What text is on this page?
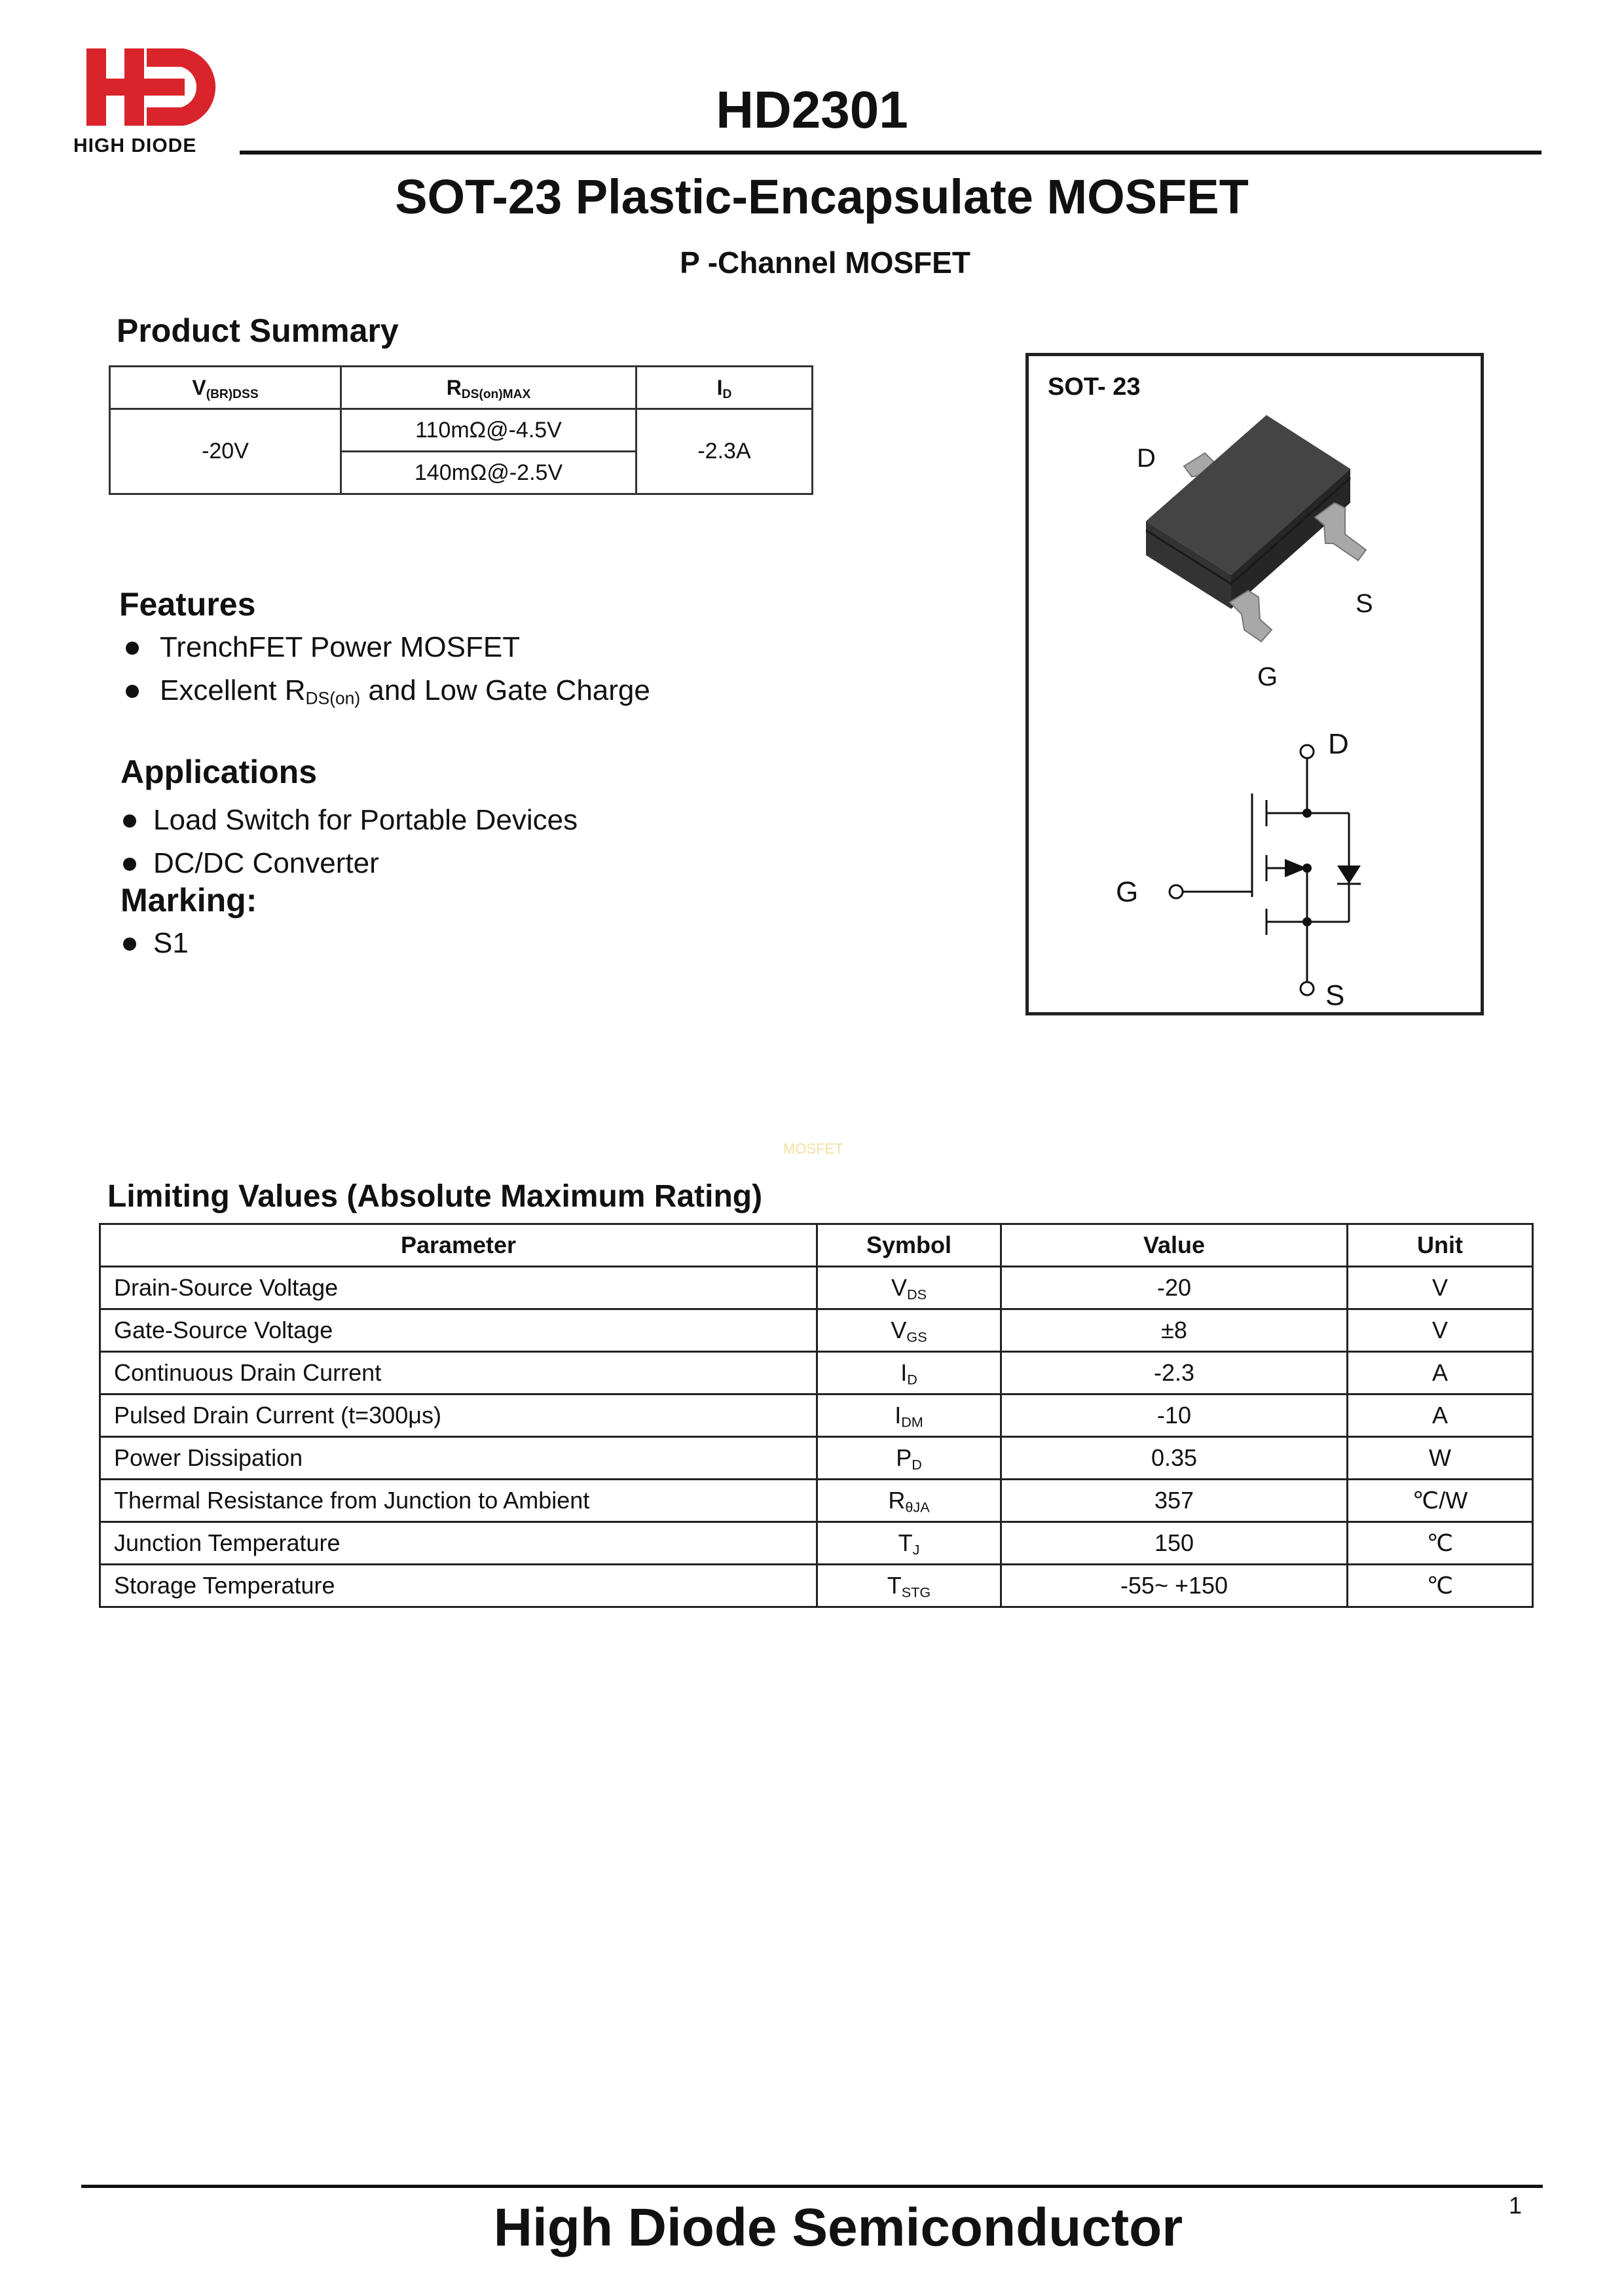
HIGH DIODE
HD2301
SOT-23 Plastic-Encapsulate MOSFET
P -Channel MOSFET
Product Summary
$V_{(BR)DSS}$	$R_{DS(on)MAX}$	$I_D$
-20V	110mΩ@-4.5V	-2.3A
	140mΩ@-2.5V	
Features
TrenchFET Power MOSFET
Excellent $R_{DS(on)}$ and Low Gate Charge
Applications
Load Switch for Portable Devices
DC/DC Converter
Marking:
S1
SOT- 23
D
S
G
D
G
S
MOSFET
Limiting Values (Absolute Maximum Rating)
Parameter	Symbol	Value	Unit
Drain-Source Voltage	$V_{DS}$	-20	V
Gate-Source Voltage	$V_{GS}$	±8	V
Continuous Drain Current	$I_D$	-2.3	A
Pulsed Drain Current (t=300μs)	$I_{DM}$	-10	A
Power Dissipation	$P_D$	0.35	W
Thermal Resistance from Junction to Ambient	$R_{\theta JA}$	357	℃/W
Junction Temperature	$T_J$	150	℃
Storage Temperature	$T_{STG}$	-55~ +150	℃
1
High Diode Semiconductor
